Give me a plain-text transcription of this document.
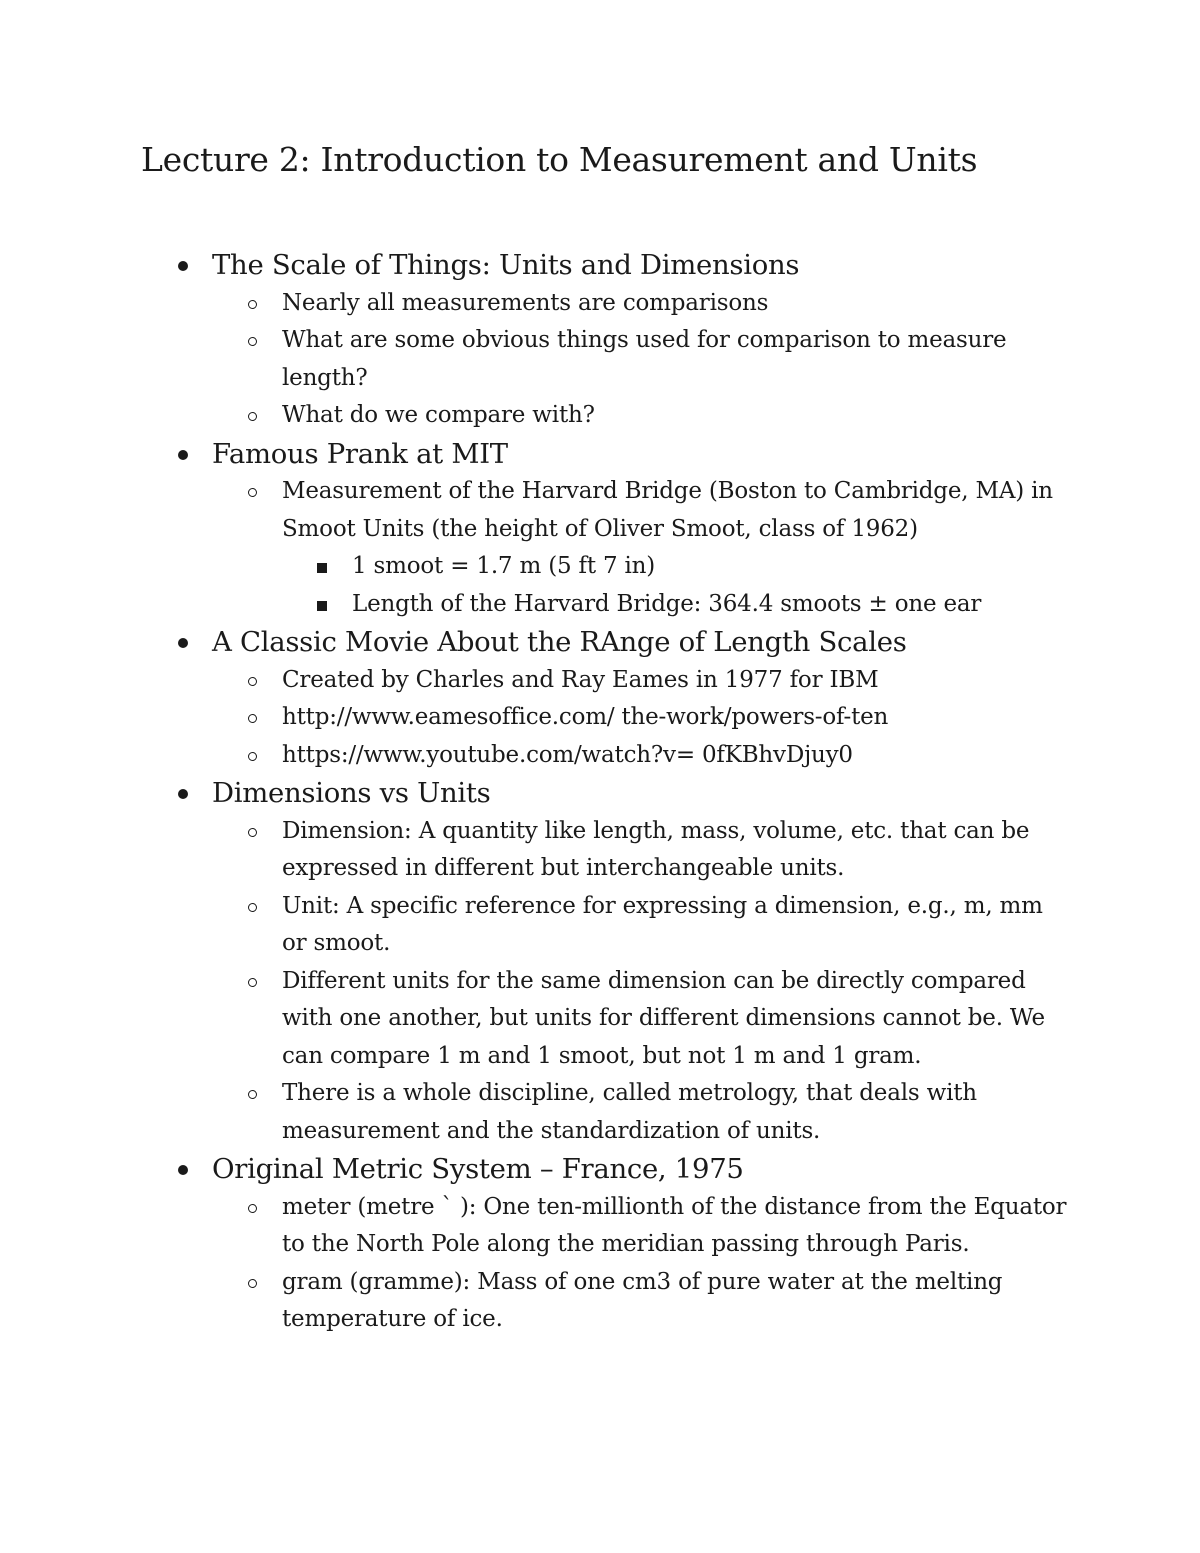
Lecture 2: Introduction to Measurement and Units
The Scale of Things: Units and Dimensions
Nearly all measurements are comparisons
What are some obvious things used for comparison to measure length?
What do we compare with?
Famous Prank at MIT
Measurement of the Harvard Bridge (Boston to Cambridge, MA) in Smoot Units (the height of Oliver Smoot, class of 1962)
1 smoot = 1.7 m (5 ft 7 in)
Length of the Harvard Bridge: 364.4 smoots ± one ear
A Classic Movie About the RAnge of Length Scales
Created by Charles and Ray Eames in 1977 for IBM
http://www.eamesoffice.com/ the-work/powers-of-ten
https://www.youtube.com/watch?v= 0fKBhvDjuy0
Dimensions vs Units
Dimension: A quantity like length, mass, volume, etc. that can be expressed in different but interchangeable units.
Unit: A specific reference for expressing a dimension, e.g., m, mm or smoot.
Different units for the same dimension can be directly compared with one another, but units for different dimensions cannot be. We can compare 1 m and 1 smoot, but not 1 m and 1 gram.
There is a whole discipline, called metrology, that deals with measurement and the standardization of units.
Original Metric System – France, 1975
meter (metre ` ): One ten-millionth of the distance from the Equator to the North Pole along the meridian passing through Paris.
gram (gramme): Mass of one cm3 of pure water at the melting temperature of ice.
